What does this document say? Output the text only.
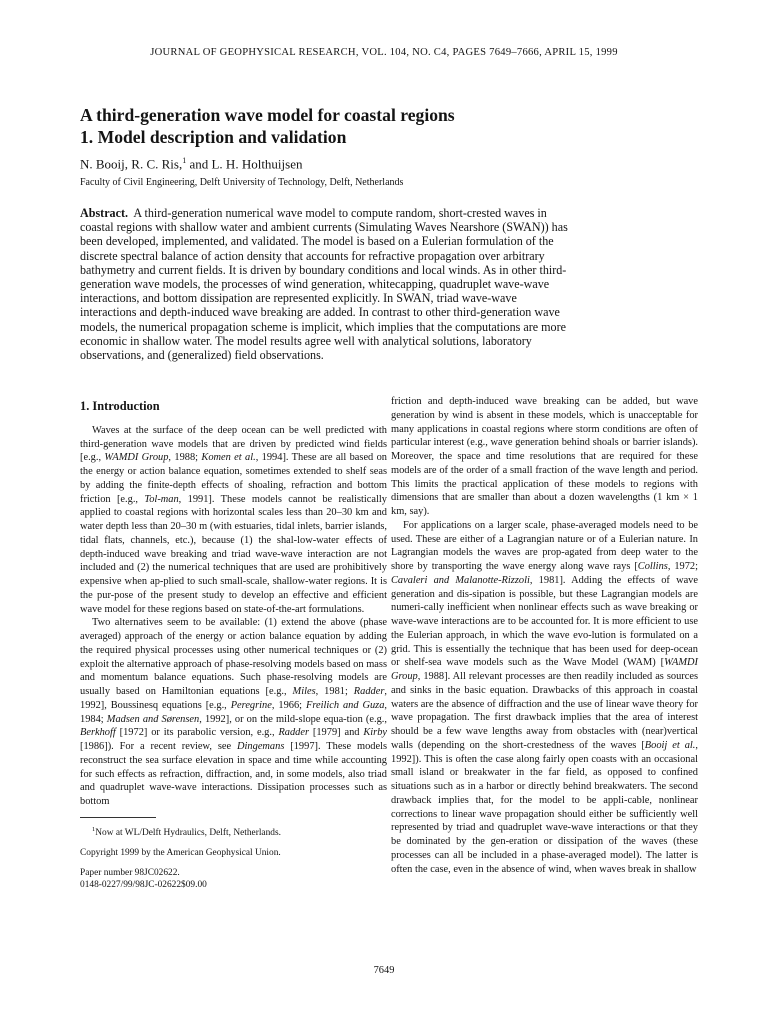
JOURNAL OF GEOPHYSICAL RESEARCH, VOL. 104, NO. C4, PAGES 7649–7666, APRIL 15, 1999

A third-generation wave model for coastal regions

1. Model description and validation

N. Booij, R. C. Ris,$^1$ and L. H. Holthuijsen
Faculty of Civil Engineering, Delft University of Technology, Delft, Netherlands
Abstract. A third-generation numerical wave model to compute random, short-crested waves in coastal regions with shallow water and ambient currents (Simulating Waves Nearshore (SWAN)) has been developed, implemented, and validated. The model is based on a Eulerian formulation of the discrete spectral balance of action density that accounts for refractive propagation over arbitrary bathymetry and current fields. It is driven by boundary conditions and local winds. As in other third-generation wave models, the processes of wind generation, whitecapping, quadruplet wave-wave interactions, and bottom dissipation are represented explicitly. In SWAN, triad wave-wave interactions and depth-induced wave breaking are added. In contrast to other third-generation wave models, the numerical propagation scheme is implicit, which implies that the computations are more economic in shallow water. The model results agree well with analytical solutions, laboratory observations, and (generalized) field observations.

1. Introduction

Waves at the surface of the deep ocean can be well predicted with third-generation wave models that are driven by predicted wind fields [e.g., WAMDI Group, 1988; Komen et al., 1994]. These are all based on the energy or action balance equation, sometimes extended to shelf seas by adding the finite-depth effects of shoaling, refraction and bottom friction [e.g., Tol-man, 1991]. These models cannot be realistically applied to coastal regions with horizontal scales less than 20–30 km and water depth less than 20–30 m (with estuaries, tidal inlets, barrier islands, tidal flats, channels, etc.), because (1) the shal-low-water effects of depth-induced wave breaking and triad wave-wave interaction are not included and (2) the numerical techniques that are used are prohibitively expensive when ap-plied to such small-scale, shallow-water regions. It is the pur-pose of the present study to develop an effective and efficient wave model for these regions based on state-of-the-art formulations.

Two alternatives seem to be available: (1) extend the above (phase averaged) approach of the energy or action balance equation by adding the required physical processes using other numerical techniques or (2) exploit the alternative approach of phase-resolving models based on mass and momentum balance equations. Such phase-resolving models are usually based on Hamiltonian equations [e.g., Miles, 1981; Radder, 1992], Boussinesq equations [e.g., Peregrine, 1966; Freilich and Guza, 1984; Madsen and Sørensen, 1992], or on the mild-slope equa-tion (e.g., Berkhoff [1972] or its parabolic version, e.g., Radder [1979] and Kirby [1986]). For a recent review, see Dingemans [1997]. These models reconstruct the sea surface elevation in space and time while accounting for such effects as refraction, diffraction, and, in some models, also triad and quadruplet wave-wave interactions. Dissipation processes such as bottom

$^1$Now at WL/Delft Hydraulics, Delft, Netherlands.

Copyright 1999 by the American Geophysical Union.
Paper number 98JC02622.
0148-0227/99/98JC-02622$09.00

friction and depth-induced wave breaking can be added, but wave generation by wind is absent in these models, which is unacceptable for many applications in coastal regions where storm conditions are often of particular interest (e.g., wave generation behind shoals or barrier islands). Moreover, the space and time resolutions that are required for these models are of the order of a small fraction of the wave length and period. This limits the practical application of these models to regions with dimensions that are smaller than about a dozen wavelengths (1 km × 1 km, say).

For applications on a larger scale, phase-averaged models need to be used. These are either of a Lagrangian nature or of a Eulerian nature. In Lagrangian models the waves are prop-agated from deep water to the shore by transporting the wave energy along wave rays [Collins, 1972; Cavaleri and Malanotte-Rizzoli, 1981]. Adding the effects of wave generation and dis-sipation is possible, but these Lagrangian models are numeri-cally inefficient when nonlinear effects such as wave breaking or wave-wave interactions are to be accounted for. It is more efficient to use the Eulerian approach, in which the wave evo-lution is formulated on a grid. This is essentially the technique that has been used for deep-ocean or shelf-sea wave models such as the Wave Model (WAM) [WAMDI Group, 1988]. All relevant processes are then readily included as sources and sinks in the basic equation. Drawbacks of this approach in coastal waters are the absence of diffraction and the use of linear wave theory for wave propagation. The first drawback implies that the area of interest should be a few wave lengths away from obstacles with (near)vertical walls (depending on the short-crestedness of the waves [Booij et al., 1992]). This is often the case along fairly open coasts with an occasional small island or breakwater in the far field, as opposed to confined situations such as in a harbor or directly behind breakwaters. The second drawback implies that, for the model to be appli-cable, nonlinear corrections to linear wave propagation should either be sufficiently well represented by triad and quadruplet wave-wave interactions or that they be dominated by the gen-eration or dissipation of the waves (these processes can all be included in a phase-averaged model). The latter is often the case, even in the absence of wind, when waves break in shallow

7649
